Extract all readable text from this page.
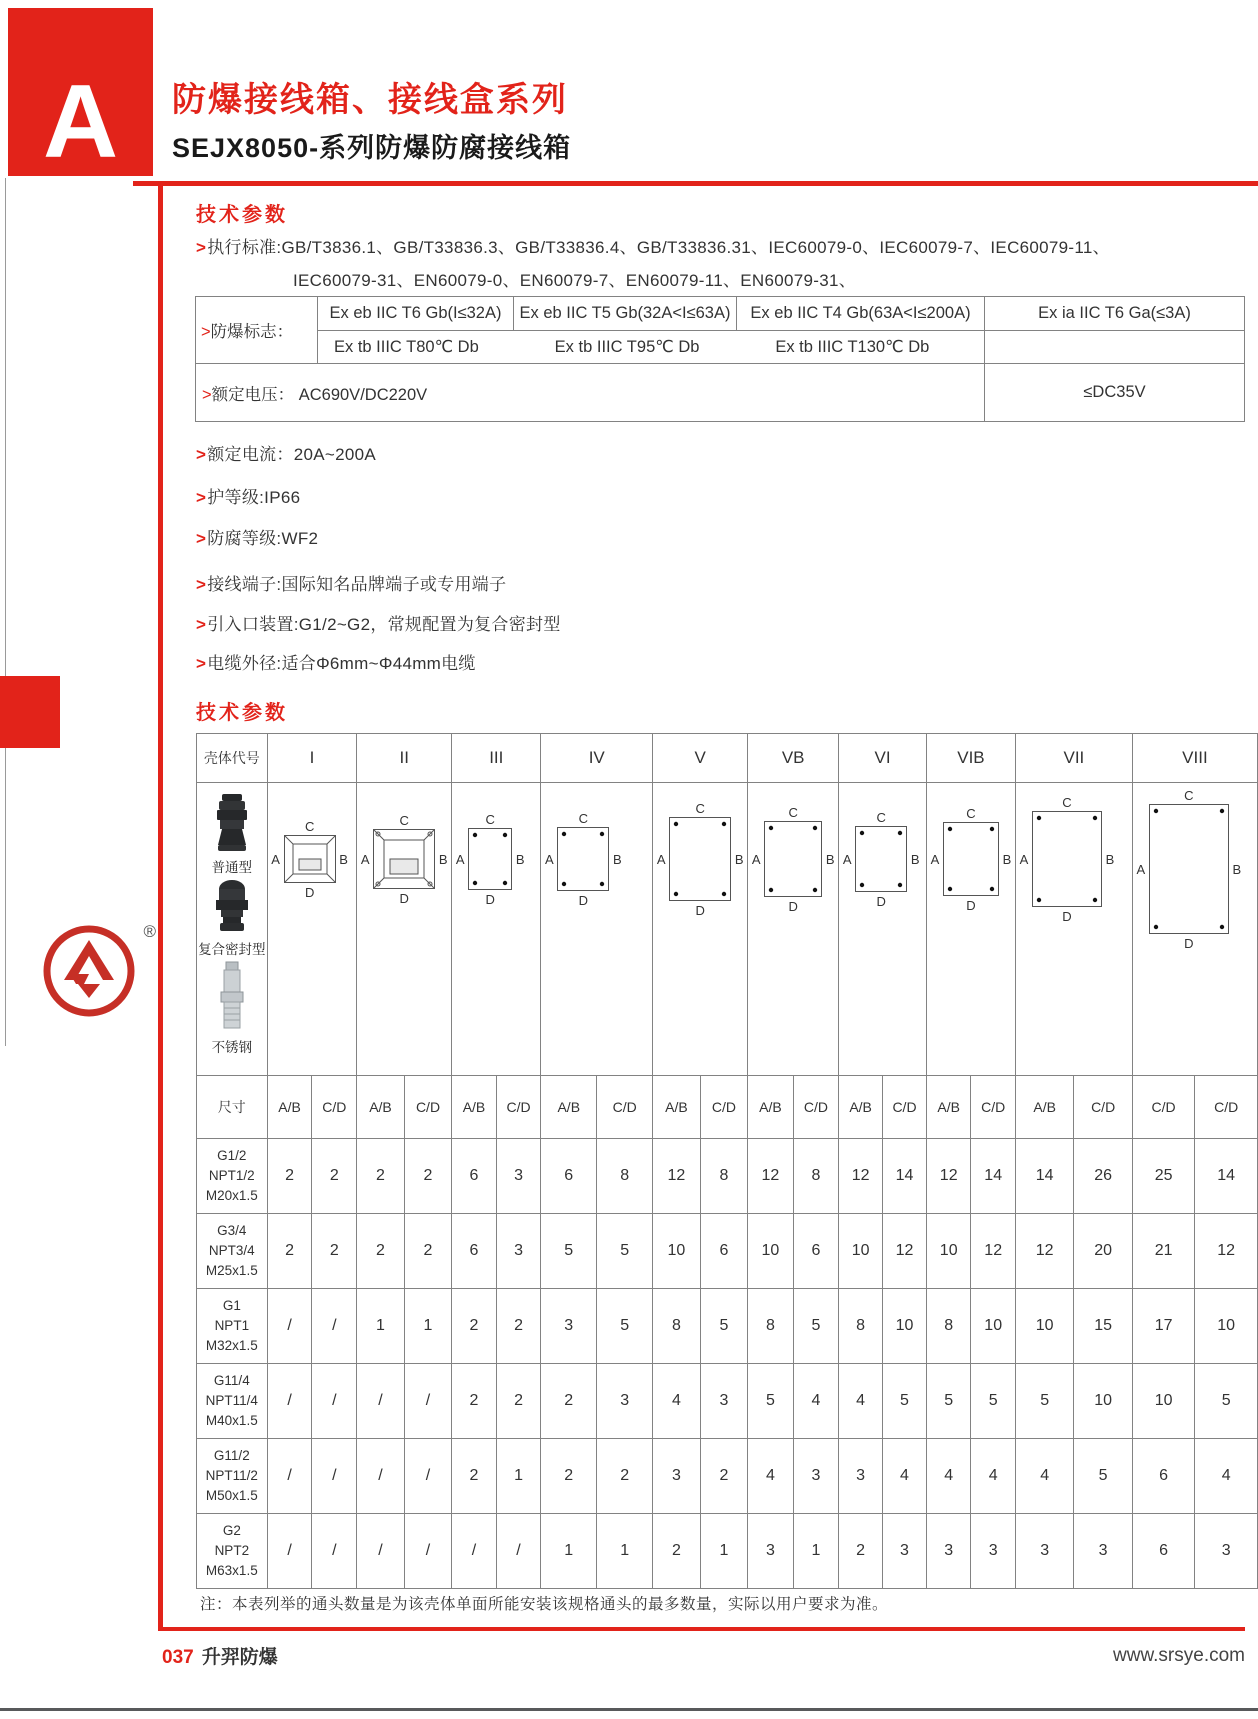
A 防爆接线箱、接线盒系列
SEJX8050-系列防爆防腐接线箱
®
技术参数
>执行标准:GB/T3836.1、GB/T33836.3、GB/T33836.4、GB/T33836.31、IEC60079-0、IEC60079-7、IEC60079-11、
IEC60079-31、EN60079-0、EN60079-7、EN60079-11、EN60079-31、
>防爆标志：	Ex eb IIC T6 Gb(I≤32A)	Ex eb IIC T5 Gb(32A<I≤63A)	Ex eb IIC T4 Gb(63A<I≤200A)	Ex ia IIC T6 Ga(≤3A)

	Ex tb IIIC T80℃ Db Ex tb IIIC T95℃ Db Ex tb IIIC T130℃ Db			

>额定电压： AC690V/DC220V				≤DC35V
>额定电流：20A~200A
>护等级:IP66
>防腐等级:WF2
>接线端子:国际知名品牌端子或专用端子
>引入口装置:G1/2~G2，常规配置为复合密封型
>电缆外径:适合Φ6mm~Φ44mm电缆
技术参数
壳体代号	I		II		III		IV		V		VB		VI		VIB		VII		VIII	

普通型
复合密封型
不锈钢	C
A B
D		C
A B
D		C
A B
D		C
A B
D		C
A B
D		C
A B
D		C
A B
D		C
A B
D		C
A B
D		C
A B
D	

尺寸	A/B	C/D	A/B	C/D	A/B	C/D	A/B	C/D	A/B	C/D	A/B	C/D	A/B	C/D	A/B	C/D	A/B	C/D	C/D	C/D

G1/2
NPT1/2
M20x1.5	2	2	2	2	6	3	6	8	12	8	12	8	12	14	12	14	14	26	25	14

G3/4
NPT3/4
M25x1.5	2	2	2	2	6	3	5	5	10	6	10	6	10	12	10	12	12	20	21	12

G1
NPT1
M32x1.5	/	/	1	1	2	2	3	5	8	5	8	5	8	10	8	10	10	15	17	10

G11/4
NPT11/4
M40x1.5	/	/	/	/	2	2	2	3	4	3	5	4	4	5	5	5	5	10	10	5

G11/2
NPT11/2
M50x1.5	/	/	/	/	2	1	2	2	3	2	4	3	3	4	4	4	4	5	6	4

G2
NPT2
M63x1.5	/	/	/	/	/	/	1	1	2	1	3	1	2	3	3	3	3	3	6	3
注：本表列举的通头数量是为该壳体单面所能安装该规格通头的最多数量，实际以用户要求为准。
037 升羿防爆	www.srsye.com
